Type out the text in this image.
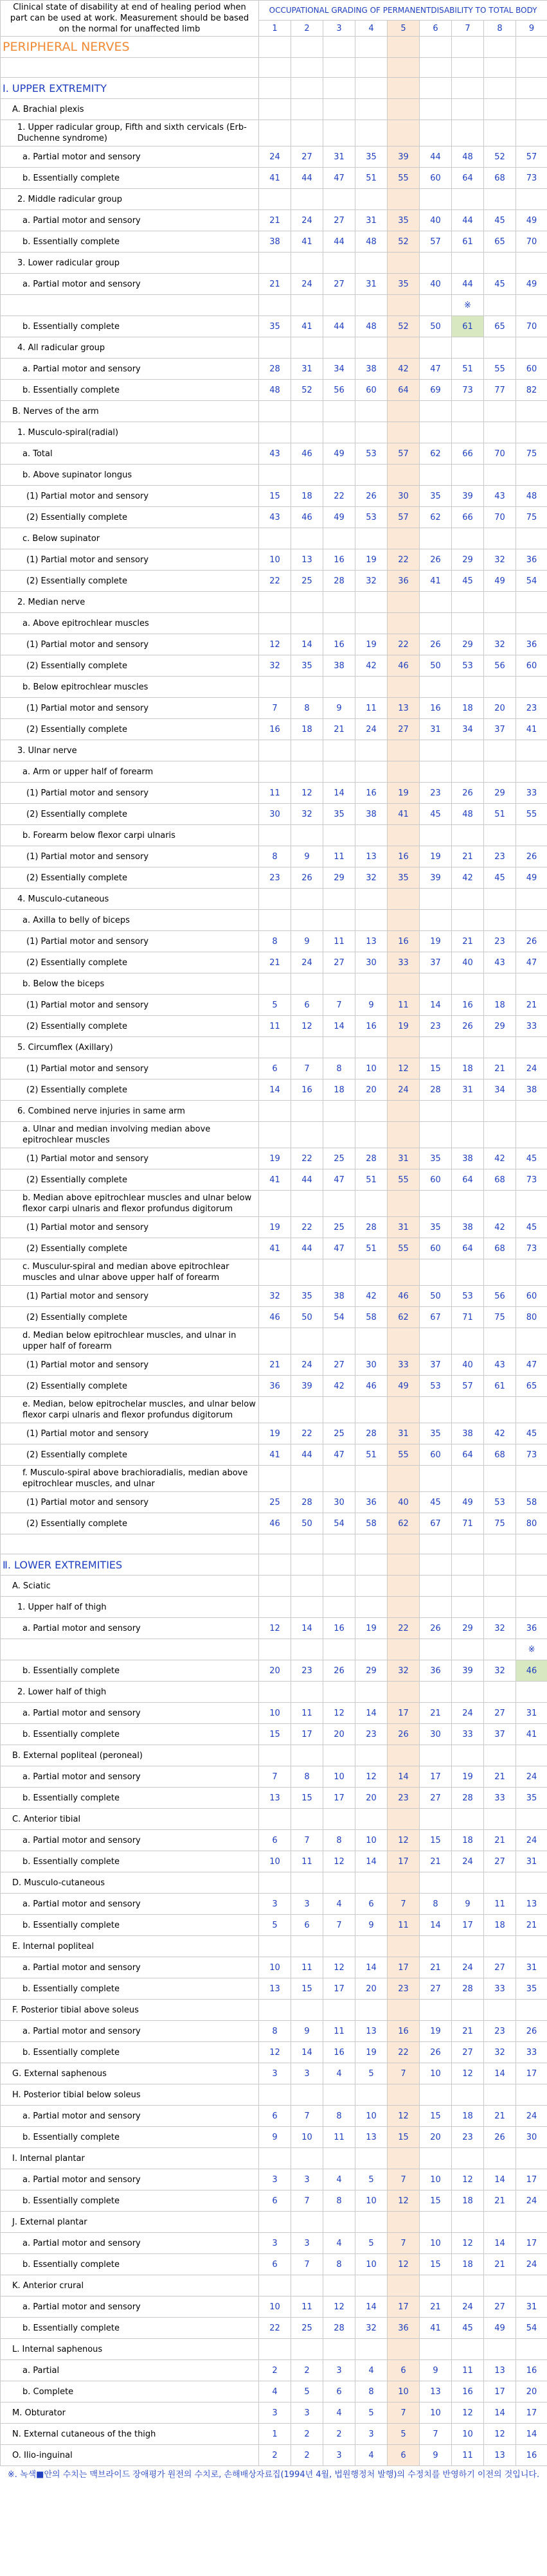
Clinical state of disability at end of healing period when part can be used at work. Measurement should be based on the normal for unaffected limb	OCCUPATIONAL GRADING OF PERMANENTDISABILITY TO TOTAL BODY								
	1	2	3	4	5	6	7	8	9
PERIPHERAL NERVES									

Ⅰ. UPPER EXTREMITY									
A. Brachial plexis									
1. Upper radicular group, Fifth and sixth cervicals (Erb-Duchenne syndrome)									
a. Partial motor and sensory	24	27	31	35	39	44	48	52	57
b. Essentially complete	41	44	47	51	55	60	64	68	73
2. Middle radicular group									
a. Partial motor and sensory	21	24	27	31	35	40	44	45	49
b. Essentially complete	38	41	44	48	52	57	61	65	70
3. Lower radicular group									
a. Partial motor and sensory	21	24	27	31	35	40	44	45	49
							※		
b. Essentially complete	35	41	44	48	52	50	61	65	70
4. All radicular group									
a. Partial motor and sensory	28	31	34	38	42	47	51	55	60
b. Essentially complete	48	52	56	60	64	69	73	77	82
B. Nerves of the arm									
1. Musculo-spiral(radial)									
a. Total	43	46	49	53	57	62	66	70	75
b. Above supinator longus									
(1) Partial motor and sensory	15	18	22	26	30	35	39	43	48
(2) Essentially complete	43	46	49	53	57	62	66	70	75
c. Below supinator									
(1) Partial motor and sensory	10	13	16	19	22	26	29	32	36
(2) Essentially complete	22	25	28	32	36	41	45	49	54
2. Median nerve									
a. Above epitrochlear muscles									
(1) Partial motor and sensory	12	14	16	19	22	26	29	32	36
(2) Essentially complete	32	35	38	42	46	50	53	56	60
b. Below epitrochlear muscles									
(1) Partial motor and sensory	7	8	9	11	13	16	18	20	23
(2) Essentially complete	16	18	21	24	27	31	34	37	41
3. Ulnar nerve									
a. Arm or upper half of forearm									
(1) Partial motor and sensory	11	12	14	16	19	23	26	29	33
(2) Essentially complete	30	32	35	38	41	45	48	51	55
b. Forearm below flexor carpi ulnaris									
(1) Partial motor and sensory	8	9	11	13	16	19	21	23	26
(2) Essentially complete	23	26	29	32	35	39	42	45	49
4. Musculo-cutaneous									
a. Axilla to belly of biceps									
(1) Partial motor and sensory	8	9	11	13	16	19	21	23	26
(2) Essentially complete	21	24	27	30	33	37	40	43	47
b. Below the biceps									
(1) Partial motor and sensory	5	6	7	9	11	14	16	18	21
(2) Essentially complete	11	12	14	16	19	23	26	29	33
5. Circumflex (Axillary)									
(1) Partial motor and sensory	6	7	8	10	12	15	18	21	24
(2) Essentially complete	14	16	18	20	24	28	31	34	38
6. Combined nerve injuries in same arm									
a. Ulnar and median involving median above epitrochlear muscles									
(1) Partial motor and sensory	19	22	25	28	31	35	38	42	45
(2) Essentially complete	41	44	47	51	55	60	64	68	73
b. Median above epitrochlear muscles and ulnar below flexor carpi ulnaris and flexor profundus digitorum									
(1) Partial motor and sensory	19	22	25	28	31	35	38	42	45
(2) Essentially complete	41	44	47	51	55	60	64	68	73
c. Musculur-spiral and median above epitrochlear muscles and ulnar above upper half of forearm									
(1) Partial motor and sensory	32	35	38	42	46	50	53	56	60
(2) Essentially complete	46	50	54	58	62	67	71	75	80
d. Median below epitrochlear muscles, and ulnar in upper half of forearm									
(1) Partial motor and sensory	21	24	27	30	33	37	40	43	47
(2) Essentially complete	36	39	42	46	49	53	57	61	65
e. Median, below epitrochelar muscles, and ulnar below flexor carpi ulnaris and flexor profundus digitorum									
(1) Partial motor and sensory	19	22	25	28	31	35	38	42	45
(2) Essentially complete	41	44	47	51	55	60	64	68	73
f. Musculo-spiral above brachioradialis, median above epitrochlear muscles, and ulnar									
(1) Partial motor and sensory	25	28	30	36	40	45	49	53	58
(2) Essentially complete	46	50	54	58	62	67	71	75	80

Ⅱ. LOWER EXTREMITIES									
A. Sciatic									
1. Upper half of thigh									
a. Partial motor and sensory	12	14	16	19	22	26	29	32	36
									※
b. Essentially complete	20	23	26	29	32	36	39	32	46
2. Lower half of thigh									
a. Partial motor and sensory	10	11	12	14	17	21	24	27	31
b. Essentially complete	15	17	20	23	26	30	33	37	41
B. External popliteal (peroneal)									
a. Partial motor and sensory	7	8	10	12	14	17	19	21	24
b. Essentially complete	13	15	17	20	23	27	28	33	35
C. Anterior tibial									
a. Partial motor and sensory	6	7	8	10	12	15	18	21	24
b. Essentially complete	10	11	12	14	17	21	24	27	31
D. Musculo-cutaneous									
a. Partial motor and sensory	3	3	4	6	7	8	9	11	13
b. Essentially complete	5	6	7	9	11	14	17	18	21
E. Internal popliteal									
a. Partial motor and sensory	10	11	12	14	17	21	24	27	31
b. Essentially complete	13	15	17	20	23	27	28	33	35
F. Posterior tibial above soleus									
a. Partial motor and sensory	8	9	11	13	16	19	21	23	26
b. Essentially complete	12	14	16	19	22	26	27	32	33
G. External saphenous	3	3	4	5	7	10	12	14	17
H. Posterior tibial below soleus									
a. Partial motor and sensory	6	7	8	10	12	15	18	21	24
b. Essentially complete	9	10	11	13	15	20	23	26	30
I. Internal plantar									
a. Partial motor and sensory	3	3	4	5	7	10	12	14	17
b. Essentially complete	6	7	8	10	12	15	18	21	24
J. External plantar									
a. Partial motor and sensory	3	3	4	5	7	10	12	14	17
b. Essentially complete	6	7	8	10	12	15	18	21	24
K. Anterior crural									
a. Partial motor and sensory	10	11	12	14	17	21	24	27	31
b. Essentially complete	22	25	28	32	36	41	45	49	54
L. Internal saphenous									
a. Partial	2	2	3	4	6	9	11	13	16
b. Complete	4	5	6	8	10	13	16	17	20
M. Obturator	3	3	4	5	7	10	12	14	17
N. External cutaneous of the thigh	1	2	2	3	5	7	10	12	14
O. Ilio-inguinal	2	2	3	4	6	9	11	13	16
※. 녹색■안의 수치는 맥브라이드 장애평가 원전의 수치로, 손해배상자료집(1994년 4월, 법원행정처 발행)의 수정치를 반영하기 이전의 것입니다.
